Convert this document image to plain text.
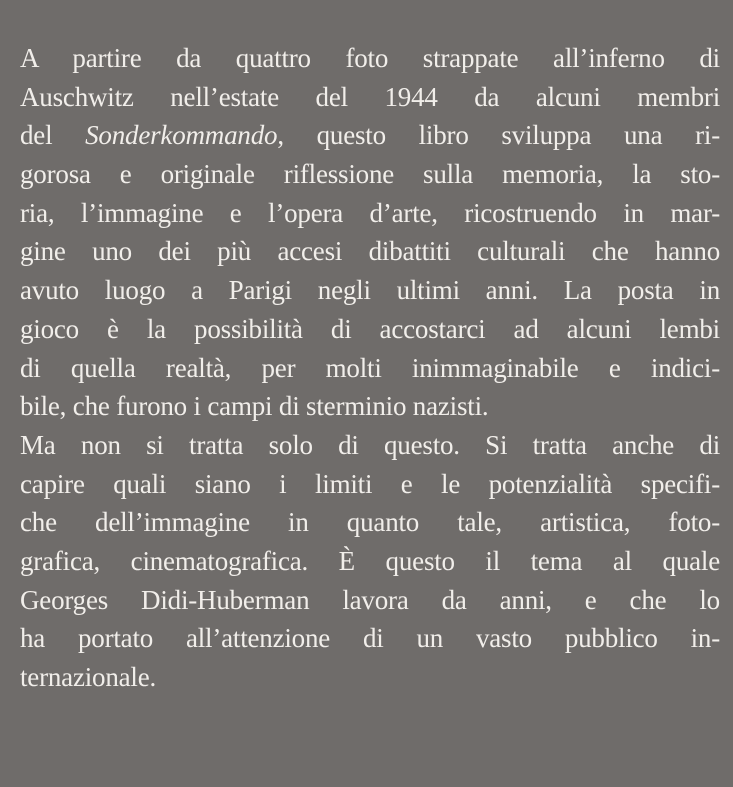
A partire da quattro foto strappate all’inferno di
Auschwitz nell’estate del 1944 da alcuni membri
del Sonderkommando, questo libro sviluppa una ri-
gorosa e originale riflessione sulla memoria, la sto-
ria, l’immagine e l’opera d’arte, ricostruendo in mar-
gine uno dei più accesi dibattiti culturali che hanno
avuto luogo a Parigi negli ultimi anni. La posta in
gioco è la possibilità di accostarci ad alcuni lembi
di quella realtà, per molti inimmaginabile e indici-
bile, che furono i campi di sterminio nazisti.
Ma non si tratta solo di questo. Si tratta anche di
capire quali siano i limiti e le potenzialità specifi-
che dell’immagine in quanto tale, artistica, foto-
grafica, cinematografica. È questo il tema al quale
Georges Didi-Huberman lavora da anni, e che lo
ha portato all’attenzione di un vasto pubblico in-
ternazionale.
